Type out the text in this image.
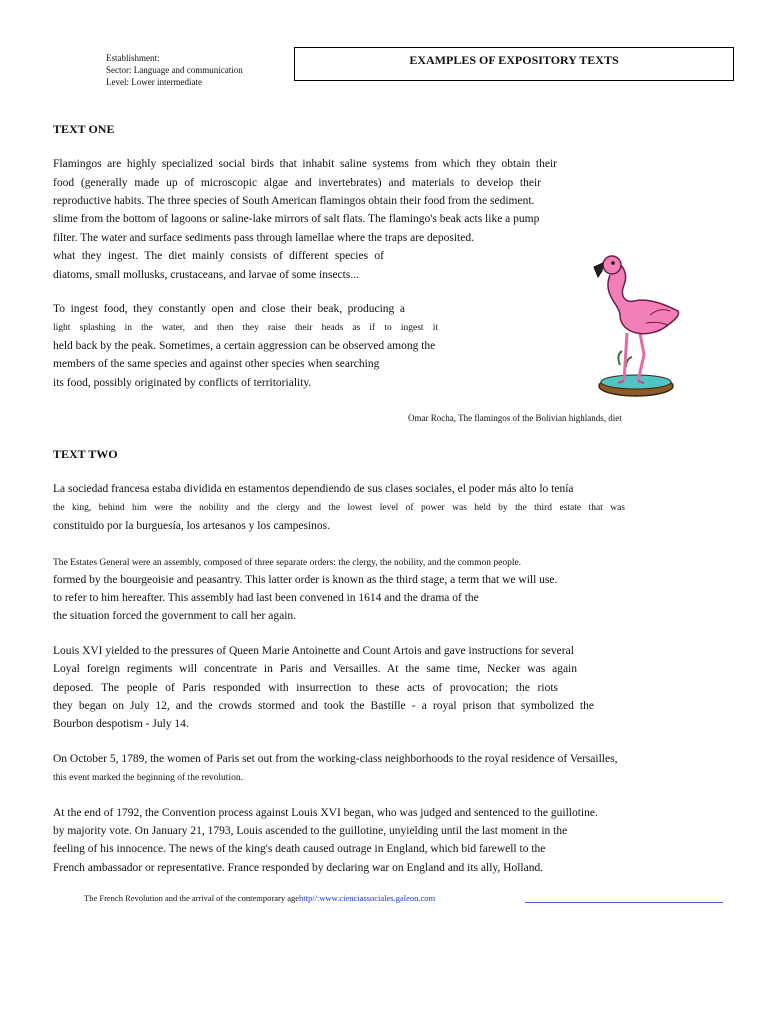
Establishment:
Sector: Language and communication
Level: Lower intermediate
EXAMPLES OF EXPOSITORY TEXTS
TEXT ONE
Flamingos are highly specialized social birds that inhabit saline systems from which they obtain their
food (generally made up of microscopic algae and invertebrates) and materials to develop their
reproductive habits. The three species of South American flamingos obtain their food from the sediment.
slime from the bottom of lagoons or saline-lake mirrors of salt flats. The flamingo's beak acts like a pump
filter. The water and surface sediments pass through lamellae where the traps are deposited.
what they ingest. The diet mainly consists of different species of
diatoms, small mollusks, crustaceans, and larvae of some insects...
To ingest food, they constantly open and close their beak, producing a
light splashing in the water, and then they raise their heads as if to ingest it
held back by the peak. Sometimes, a certain aggression can be observed among the
members of the same species and against other species when searching
its food, possibly originated by conflicts of territoriality.
Omar Rocha, The flamingos of the Bolivian highlands, diet
TEXT TWO
La sociedad francesa estaba dividida en estamentos dependiendo de sus clases sociales, el poder más alto lo tenía
the king, behind him were the nobility and the clergy and the lowest level of power was held by the third estate that was
constituido por la burguesía, los artesanos y los campesinos.
The Estates General were an assembly, composed of three separate orders: the clergy, the nobility, and the common people.
formed by the bourgeoisie and peasantry. This latter order is known as the third stage, a term that we will use.
to refer to him hereafter. This assembly had last been convened in 1614 and the drama of the
the situation forced the government to call her again.
Louis XVI yielded to the pressures of Queen Marie Antoinette and Count Artois and gave instructions for several
Loyal foreign regiments will concentrate in Paris and Versailles. At the same time, Necker was again
deposed. The people of Paris responded with insurrection to these acts of provocation; the riots
they began on July 12, and the crowds stormed and took the Bastille - a royal prison that symbolized the
Bourbon despotism - July 14.
On October 5, 1789, the women of Paris set out from the working-class neighborhoods to the royal residence of Versailles,
this event marked the beginning of the revolution.
At the end of 1792, the Convention process against Louis XVI began, who was judged and sentenced to the guillotine.
by majority vote. On January 21, 1793, Louis ascended to the guillotine, unyielding until the last moment in the
feeling of his innocence. The news of the king's death caused outrage in England, which bid farewell to the
French ambassador or representative. France responded by declaring war on England and its ally, Holland.
The French Revolution and the arrival of the contemporary agehttp//:www.cienciassociales.galeon.com
